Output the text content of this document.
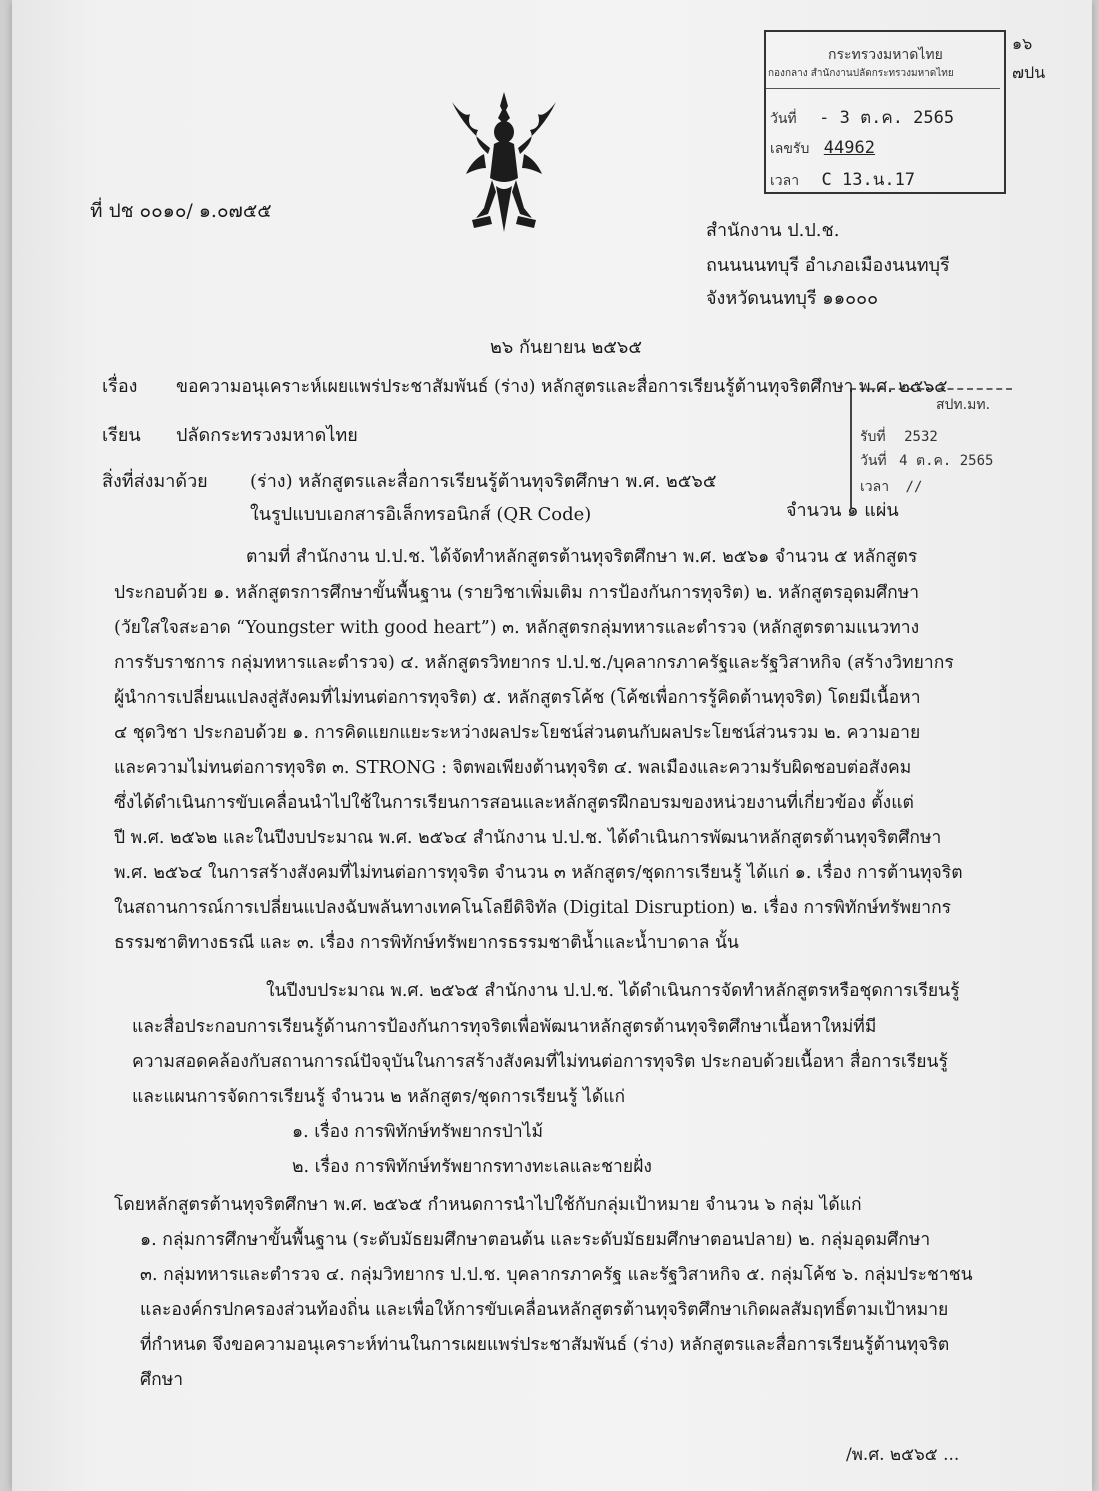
๑๖
๗ปน
กระทรวงมหาดไทย
กองกลาง สำนักงานปลัดกระทรวงมหาดไทย
วันที่ - 3 ต.ค. 2565
เลขรับ 44962
เวลา C 13.น.17
สปท.มท.
รับที่ 2532
วันที่ 4 ต.ค. 2565
เวลา ∕∕
ที่ ปช ๐๐๑๐/ ๑.๐๗๕๕
สำนักงาน ป.ป.ช.
ถนนนนทบุรี อำเภอเมืองนนทบุรี
จังหวัดนนทบุรี ๑๑๐๐๐
๒๖ กันยายน ๒๕๖๕
เรื่อง ขอความอนุเคราะห์เผยแพร่ประชาสัมพันธ์ (ร่าง) หลักสูตรและสื่อการเรียนรู้ต้านทุจริตศึกษา พ.ศ. ๒๕๖๕
เรียน ปลัดกระทรวงมหาดไทย
สิ่งที่ส่งมาด้วย (ร่าง) หลักสูตรและสื่อการเรียนรู้ต้านทุจริตศึกษา พ.ศ. ๒๕๖๕
ในรูปแบบเอกสารอิเล็กทรอนิกส์ (QR Code)	จำนวน ๑ แผ่น
ตามที่ สำนักงาน ป.ป.ช. ได้จัดทำหลักสูตรต้านทุจริตศึกษา พ.ศ. ๒๕๖๑ จำนวน ๕ หลักสูตร
ประกอบด้วย ๑. หลักสูตรการศึกษาขั้นพื้นฐาน (รายวิชาเพิ่มเติม การป้องกันการทุจริต) ๒. หลักสูตรอุดมศึกษา
(วัยใสใจสะอาด “Youngster with good heart”) ๓. หลักสูตรกลุ่มทหารและตำรวจ (หลักสูตรตามแนวทาง
การรับราชการ กลุ่มทหารและตำรวจ) ๔. หลักสูตรวิทยากร ป.ป.ช./บุคลากรภาครัฐและรัฐวิสาหกิจ (สร้างวิทยากร
ผู้นำการเปลี่ยนแปลงสู่สังคมที่ไม่ทนต่อการทุจริต) ๕. หลักสูตรโค้ช (โค้ชเพื่อการรู้คิดต้านทุจริต) โดยมีเนื้อหา
๔ ชุดวิชา ประกอบด้วย ๑. การคิดแยกแยะระหว่างผลประโยชน์ส่วนตนกับผลประโยชน์ส่วนรวม ๒. ความอาย
และความไม่ทนต่อการทุจริต ๓. STRONG : จิตพอเพียงต้านทุจริต ๔. พลเมืองและความรับผิดชอบต่อสังคม
ซึ่งได้ดำเนินการขับเคลื่อนนำไปใช้ในการเรียนการสอนและหลักสูตรฝึกอบรมของหน่วยงานที่เกี่ยวข้อง ตั้งแต่
ปี พ.ศ. ๒๕๖๒ และในปีงบประมาณ พ.ศ. ๒๕๖๔ สำนักงาน ป.ป.ช. ได้ดำเนินการพัฒนาหลักสูตรต้านทุจริตศึกษา
พ.ศ. ๒๕๖๔ ในการสร้างสังคมที่ไม่ทนต่อการทุจริต จำนวน ๓ หลักสูตร/ชุดการเรียนรู้ ได้แก่ ๑. เรื่อง การต้านทุจริต
ในสถานการณ์การเปลี่ยนแปลงฉับพลันทางเทคโนโลยีดิจิทัล (Digital Disruption) ๒. เรื่อง การพิทักษ์ทรัพยากร
ธรรมชาติทางธรณี และ ๓. เรื่อง การพิทักษ์ทรัพยากรธรรมชาติน้ำและน้ำบาดาล นั้น
ในปีงบประมาณ พ.ศ. ๒๕๖๕ สำนักงาน ป.ป.ช. ได้ดำเนินการจัดทำหลักสูตรหรือชุดการเรียนรู้
และสื่อประกอบการเรียนรู้ด้านการป้องกันการทุจริตเพื่อพัฒนาหลักสูตรต้านทุจริตศึกษาเนื้อหาใหม่ที่มี
ความสอดคล้องกับสถานการณ์ปัจจุบันในการสร้างสังคมที่ไม่ทนต่อการทุจริต ประกอบด้วยเนื้อหา สื่อการเรียนรู้
และแผนการจัดการเรียนรู้ จำนวน ๒ หลักสูตร/ชุดการเรียนรู้ ได้แก่
๑. เรื่อง การพิทักษ์ทรัพยากรป่าไม้
๒. เรื่อง การพิทักษ์ทรัพยากรทางทะเลและชายฝั่ง
โดยหลักสูตรต้านทุจริตศึกษา พ.ศ. ๒๕๖๕ กำหนดการนำไปใช้กับกลุ่มเป้าหมาย จำนวน ๖ กลุ่ม ได้แก่
๑. กลุ่มการศึกษาขั้นพื้นฐาน (ระดับมัธยมศึกษาตอนต้น และระดับมัธยมศึกษาตอนปลาย) ๒. กลุ่มอุดมศึกษา
๓. กลุ่มทหารและตำรวจ ๔. กลุ่มวิทยากร ป.ป.ช. บุคลากรภาครัฐ และรัฐวิสาหกิจ ๕. กลุ่มโค้ช ๖. กลุ่มประชาชน
และองค์กรปกครองส่วนท้องถิ่น และเพื่อให้การขับเคลื่อนหลักสูตรต้านทุจริตศึกษาเกิดผลสัมฤทธิ์ตามเป้าหมาย
ที่กำหนด จึงขอความอนุเคราะห์ท่านในการเผยแพร่ประชาสัมพันธ์ (ร่าง) หลักสูตรและสื่อการเรียนรู้ต้านทุจริต
ศึกษา
/พ.ศ. ๒๕๖๕ ...
